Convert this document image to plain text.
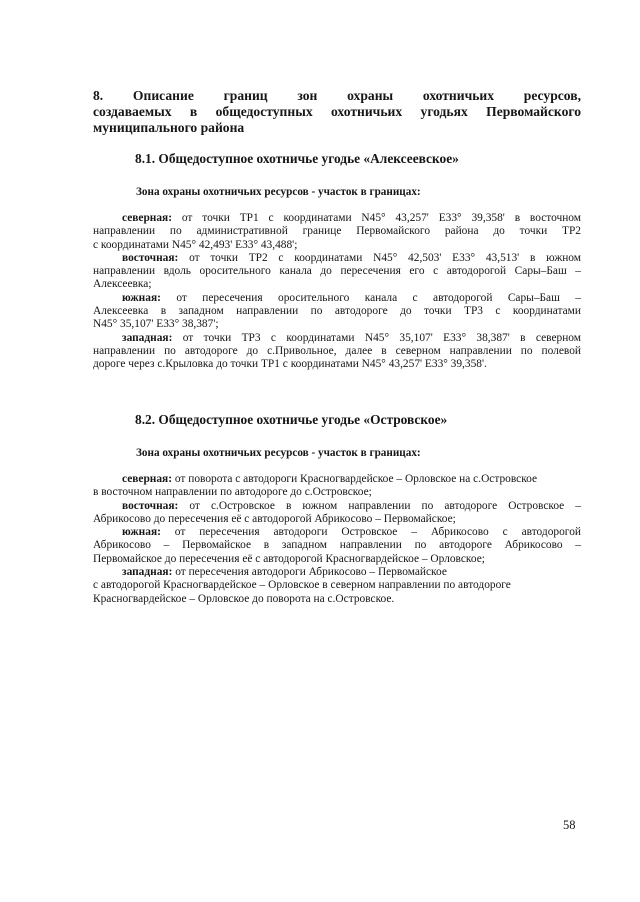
8. Описание границ зон охраны охотничьих ресурсов,
создаваемых в общедоступных охотничьих угодьях Первомайского
муниципального района
8.1. Общедоступное охотничье угодье «Алексеевское»
Зона охраны охотничьих ресурсов - участок в границах:
северная: от точки ТР1 с координатами N45° 43,257' Е33° 39,358' в восточном
направлении по административной границе Первомайского района до точки ТР2
с координатами N45° 42,493' Е33° 43,488';
восточная: от точки ТР2 с координатами N45° 42,503' Е33° 43,513' в южном
направлении вдоль оросительного канала до пересечения его с автодорогой Сары–Баш –
Алексеевка;
южная: от пересечения оросительного канала с автодорогой Сары–Баш –
Алексеевка в западном направлении по автодороге до точки ТР3 с координатами
N45° 35,107' Е33° 38,387';
западная: от точки ТР3 с координатами N45° 35,107' Е33° 38,387' в северном
направлении по автодороге до с.Привольное, далее в северном направлении по полевой
дороге через с.Крыловка до точки ТР1 с координатами N45° 43,257' Е33° 39,358'.
8.2. Общедоступное охотничье угодье «Островское»
Зона охраны охотничьих ресурсов - участок в границах:
северная: от поворота с автодороги Красногвардейское – Орловское на с.Островское
в восточном направлении по автодороге до с.Островское;
восточная: от с.Островское в южном направлении по автодороге Островское –
Абрикосово до пересечения её с автодорогой Абрикосово – Первомайское;
южная: от пересечения автодороги Островское – Абрикосово с автодорогой
Абрикосово – Первомайское в западном направлении по автодороге Абрикосово –
Первомайское до пересечения её с автодорогой Красногвардейское – Орловское;
западная: от пересечения автодороги Абрикосово – Первомайское
с автодорогой Красногвардейское – Орловское в северном направлении по автодороге
Красногвардейское – Орловское до поворота на с.Островское.
58
